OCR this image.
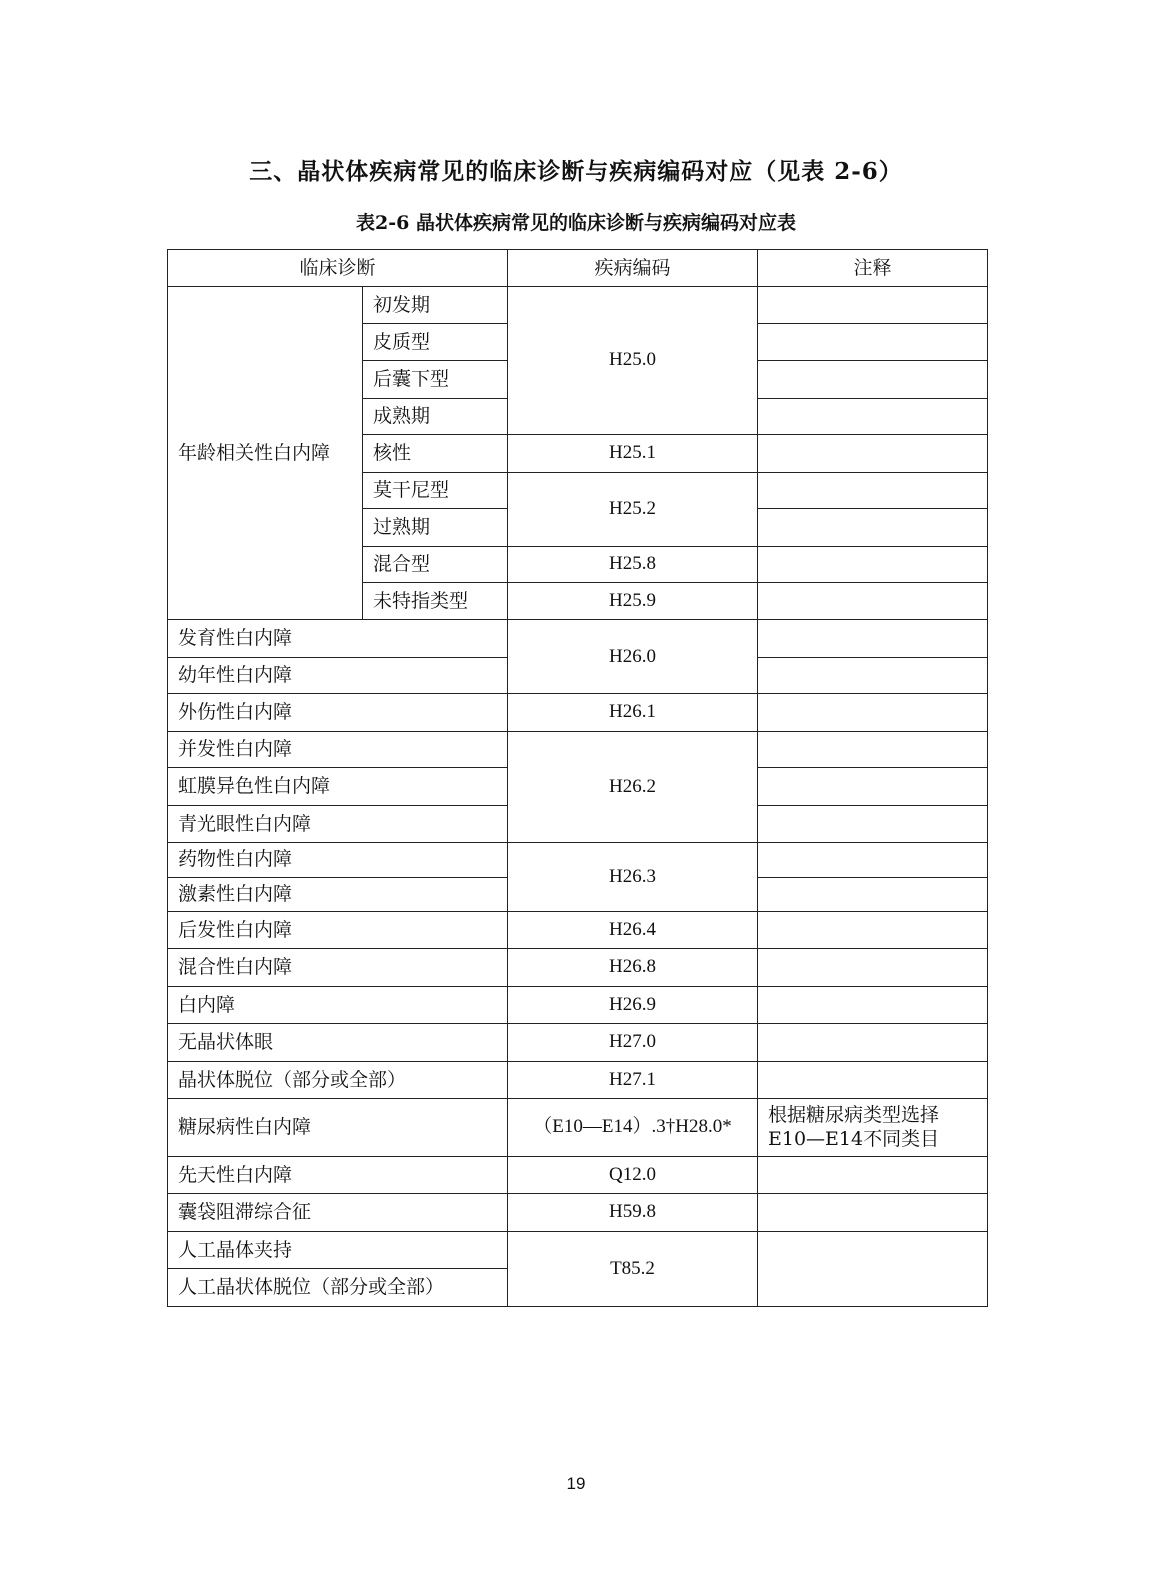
三、晶状体疾病常见的临床诊断与疾病编码对应（见表 2-6）
表2-6 晶状体疾病常见的临床诊断与疾病编码对应表
临床诊断		疾病编码	注释
年龄相关性白内障	初发期	H25.0	
	皮质型		
	后囊下型		
	成熟期		
	核性	H25.1	
	莫干尼型	H25.2	
	过熟期		
	混合型	H25.8	
	未特指类型	H25.9	
发育性白内障		H26.0	
幼年性白内障			
外伤性白内障		H26.1	
并发性白内障		H26.2	
虹膜异色性白内障			
青光眼性白内障			
药物性白内障		H26.3	
激素性白内障			
后发性白内障		H26.4	
混合性白内障		H26.8	
白内障		H26.9	
无晶状体眼		H27.0	
晶状体脱位（部分或全部）		H27.1	
糖尿病性白内障		（E10—E14）.3†H28.0*	根据糖尿病类型选择E10—E14不同类目
先天性白内障		Q12.0	
囊袋阻滞综合征		H59.8	
人工晶体夹持		T85.2	
人工晶状体脱位（部分或全部）			
19
